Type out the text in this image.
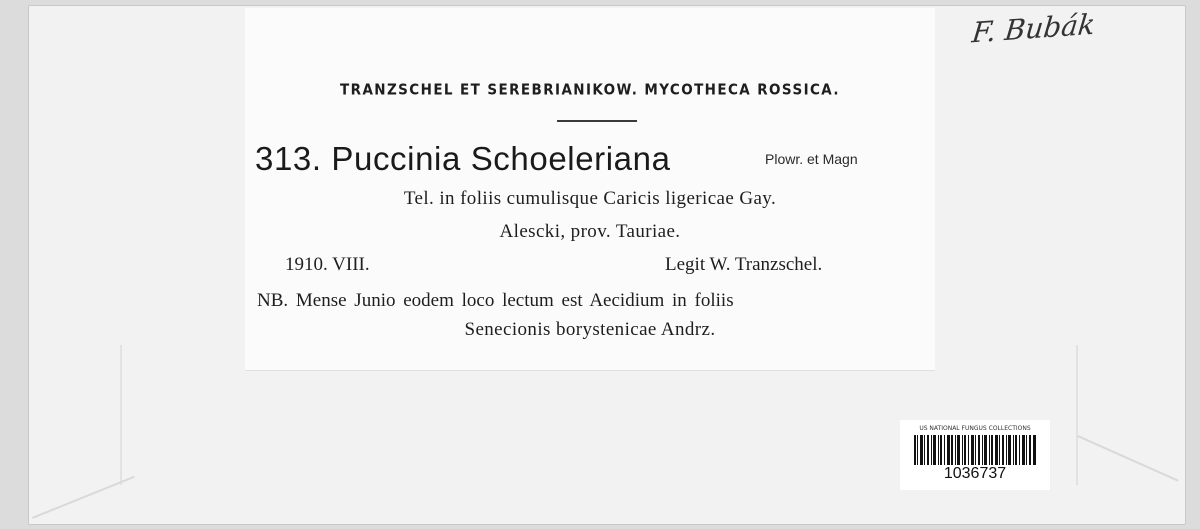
TRANZSCHEL ET SEREBRIANIKOW. MYCOTHECA ROSSICA.
313. Puccinia Schoeleriana	Plowr. et Magn
Tel. in foliis cumulisque Caricis ligericae Gay.
Alescki, prov. Tauriae.
1910. VIII.	Legit W. Tranzschel.
NB. Mense Junio eodem loco lectum est Aecidium in foliis
Senecionis borystenicae Andrz.
F. Bubák
US NATIONAL FUNGUS COLLECTIONS
1036737
